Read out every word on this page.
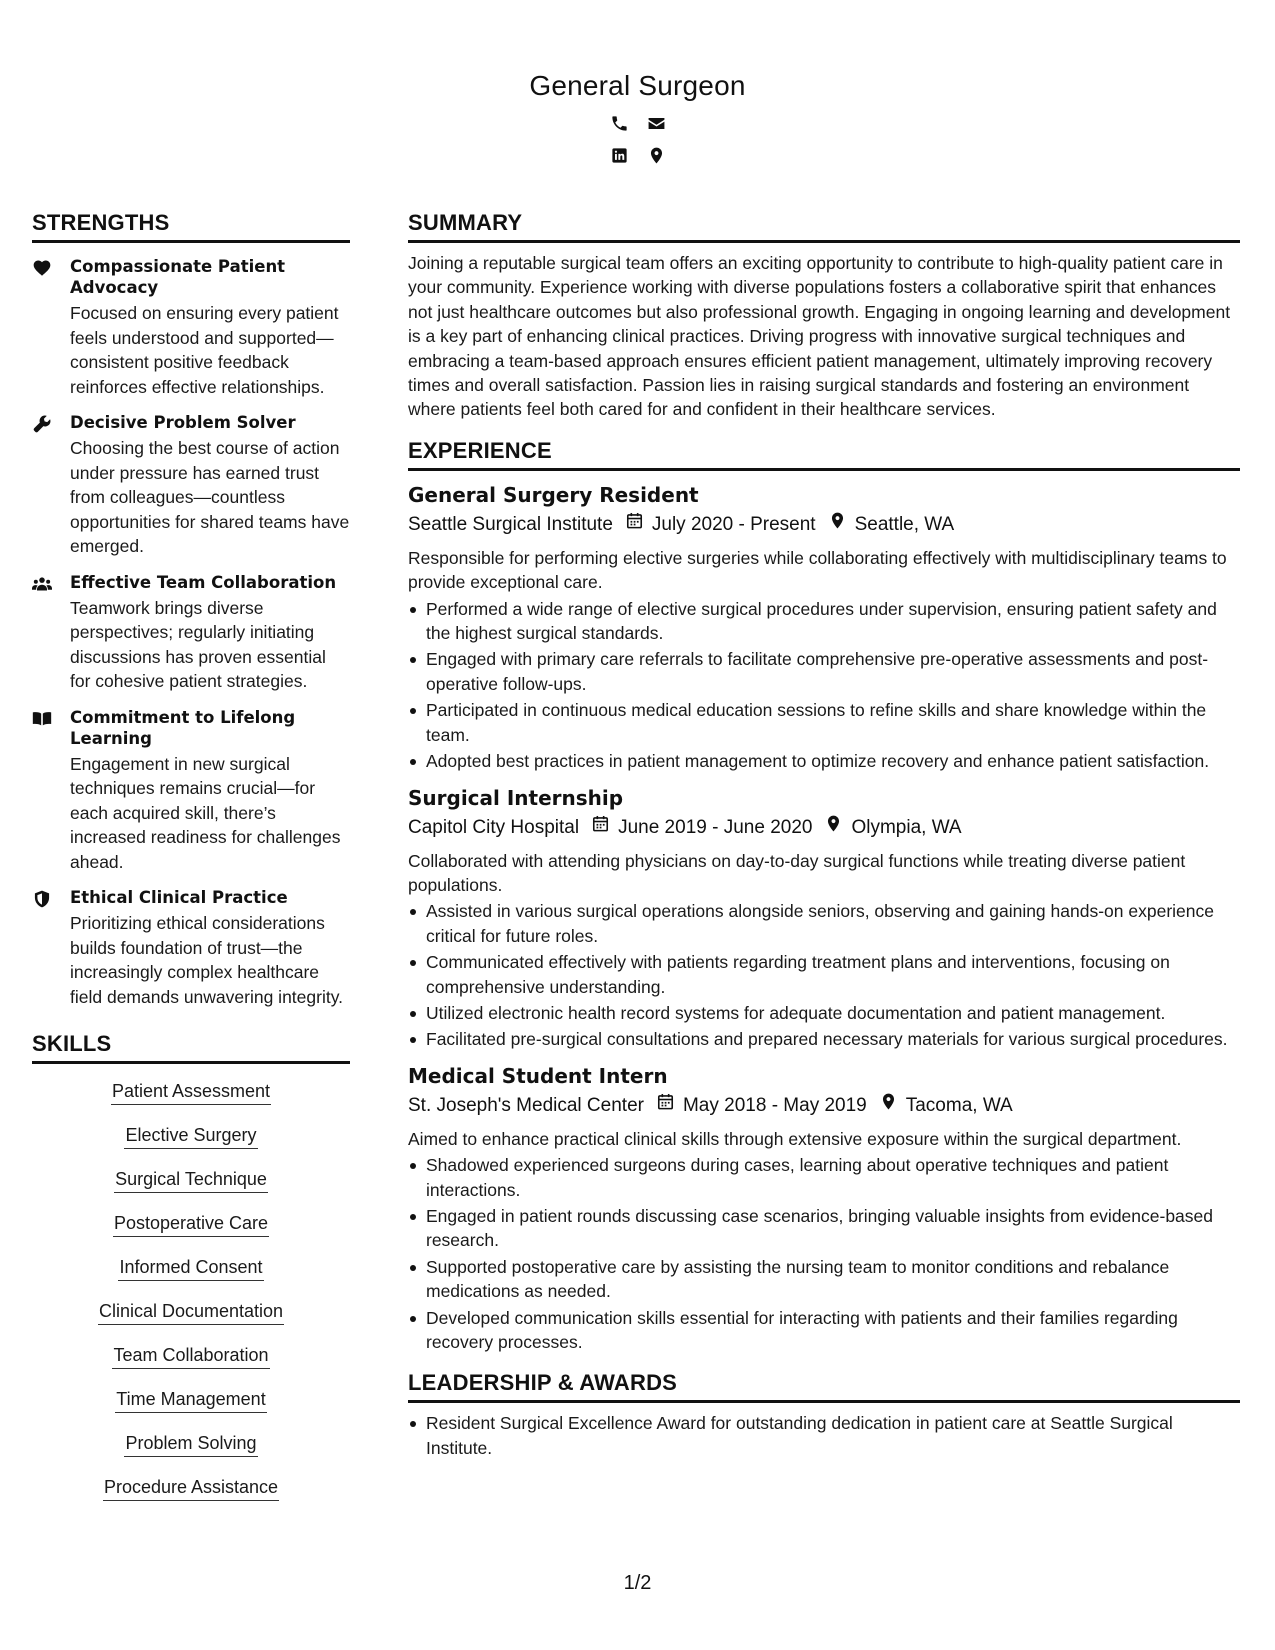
General Surgeon
STRENGTHS
Compassionate Patient Advocacy
Focused on ensuring every patient feels understood and supported—consistent positive feedback reinforces effective relationships.
Decisive Problem Solver
Choosing the best course of action under pressure has earned trust from colleagues—countless opportunities for shared teams have emerged.
Effective Team Collaboration
Teamwork brings diverse perspectives; regularly initiating discussions has proven essential for cohesive patient strategies.
Commitment to Lifelong Learning
Engagement in new surgical techniques remains crucial—for each acquired skill, there’s increased readiness for challenges ahead.
Ethical Clinical Practice
Prioritizing ethical considerations builds foundation of trust—the increasingly complex healthcare field demands unwavering integrity.
SKILLS
Patient Assessment
Elective Surgery
Surgical Technique
Postoperative Care
Informed Consent
Clinical Documentation
Team Collaboration
Time Management
Problem Solving
Procedure Assistance
SUMMARY
Joining a reputable surgical team offers an exciting opportunity to contribute to high-quality patient care in your community. Experience working with diverse populations fosters a collaborative spirit that enhances not just healthcare outcomes but also professional growth. Engaging in ongoing learning and development is a key part of enhancing clinical practices. Driving progress with innovative surgical techniques and embracing a team-based approach ensures efficient patient management, ultimately improving recovery times and overall satisfaction. Passion lies in raising surgical standards and fostering an environment where patients feel both cared for and confident in their healthcare services.
EXPERIENCE
General Surgery Resident
Seattle Surgical Institute July 2020 - Present Seattle, WA
Responsible for performing elective surgeries while collaborating effectively with multidisciplinary teams to provide exceptional care.
Performed a wide range of elective surgical procedures under supervision, ensuring patient safety and the highest surgical standards.
Engaged with primary care referrals to facilitate comprehensive pre-operative assessments and post-operative follow-ups.
Participated in continuous medical education sessions to refine skills and share knowledge within the team.
Adopted best practices in patient management to optimize recovery and enhance patient satisfaction.
Surgical Internship
Capitol City Hospital June 2019 - June 2020 Olympia, WA
Collaborated with attending physicians on day-to-day surgical functions while treating diverse patient populations.
Assisted in various surgical operations alongside seniors, observing and gaining hands-on experience critical for future roles.
Communicated effectively with patients regarding treatment plans and interventions, focusing on comprehensive understanding.
Utilized electronic health record systems for adequate documentation and patient management.
Facilitated pre-surgical consultations and prepared necessary materials for various surgical procedures.
Medical Student Intern
St. Joseph's Medical Center May 2018 - May 2019 Tacoma, WA
Aimed to enhance practical clinical skills through extensive exposure within the surgical department.
Shadowed experienced surgeons during cases, learning about operative techniques and patient interactions.
Engaged in patient rounds discussing case scenarios, bringing valuable insights from evidence-based research.
Supported postoperative care by assisting the nursing team to monitor conditions and rebalance medications as needed.
Developed communication skills essential for interacting with patients and their families regarding recovery processes.
LEADERSHIP & AWARDS
Resident Surgical Excellence Award for outstanding dedication in patient care at Seattle Surgical Institute.
1/2
